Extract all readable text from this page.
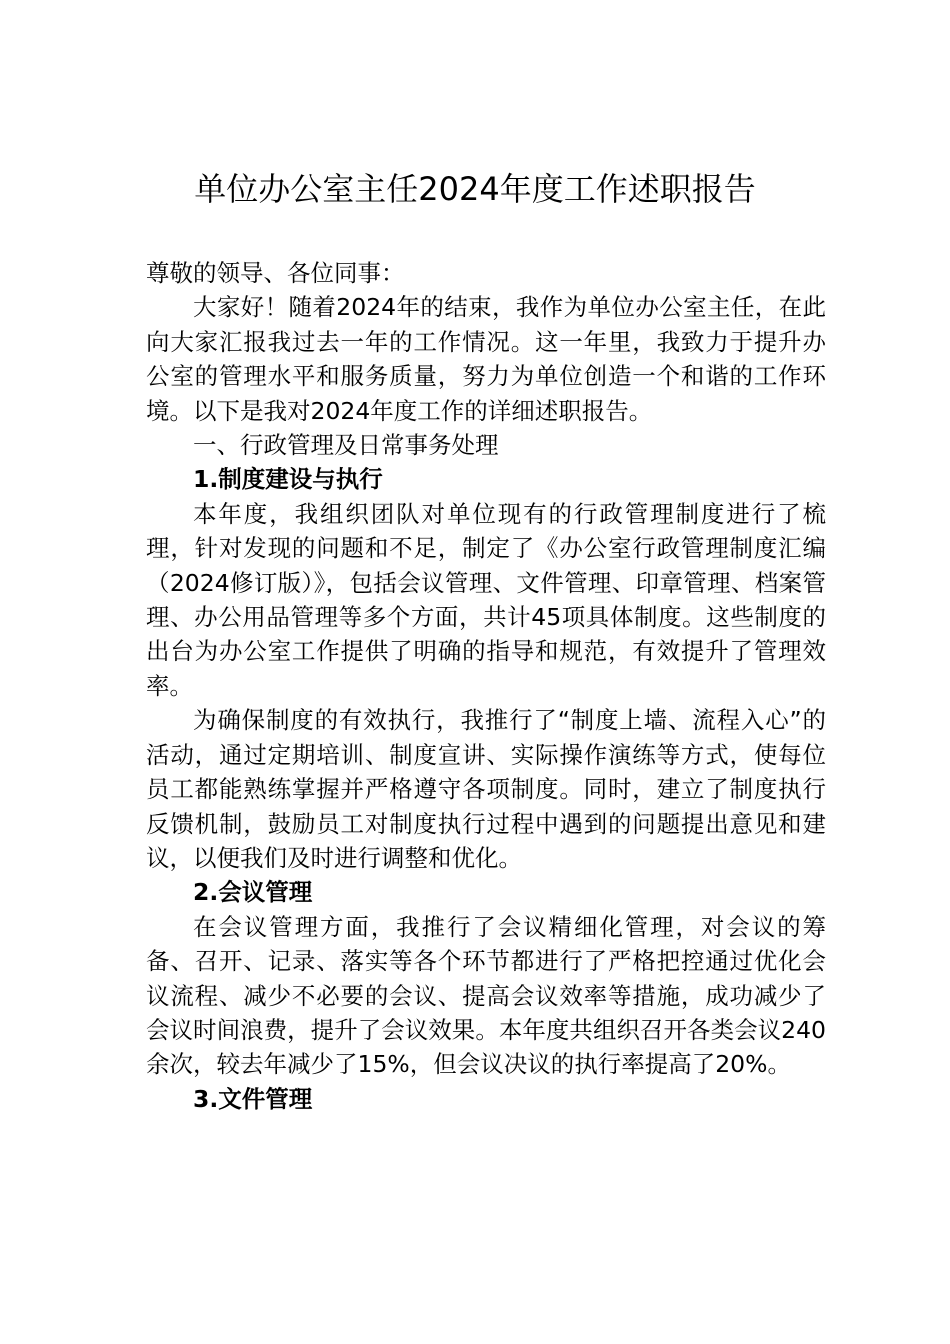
单位办公室主任2024年度工作述职报告

尊敬的领导、各位同事：

大家好！随着2024年的结束，我作为单位办公室主任，在此向大家汇报我过去一年的工作情况。这一年里，我致力于提升办公室的管理水平和服务质量，努力为单位创造一个和谐的工作环境。以下是我对2024年度工作的详细述职报告。

一、行政管理及日常事务处理

1.制度建设与执行

本年度，我组织团队对单位现有的行政管理制度进行了梳理，针对发现的问题和不足，制定了《办公室行政管理制度汇编（2024修订版）》，包括会议管理、文件管理、印章管理、档案管理、办公用品管理等多个方面，共计45项具体制度。这些制度的出台为办公室工作提供了明确的指导和规范，有效提升了管理效率。

为确保制度的有效执行，我推行了“制度上墙、流程入心”的活动，通过定期培训、制度宣讲、实际操作演练等方式，使每位员工都能熟练掌握并严格遵守各项制度。同时，建立了制度执行反馈机制，鼓励员工对制度执行过程中遇到的问题提出意见和建议，以便我们及时进行调整和优化。

2.会议管理

在会议管理方面，我推行了会议精细化管理，对会议的筹备、召开、记录、落实等各个环节都进行了严格把控通过优化会议流程、减少不必要的会议、提高会议效率等措施，成功减少了会议时间浪费，提升了会议效果。本年度共组织召开各类会议240余次，较去年减少了15%，但会议决议的执行率提高了20%。

3.文件管理
